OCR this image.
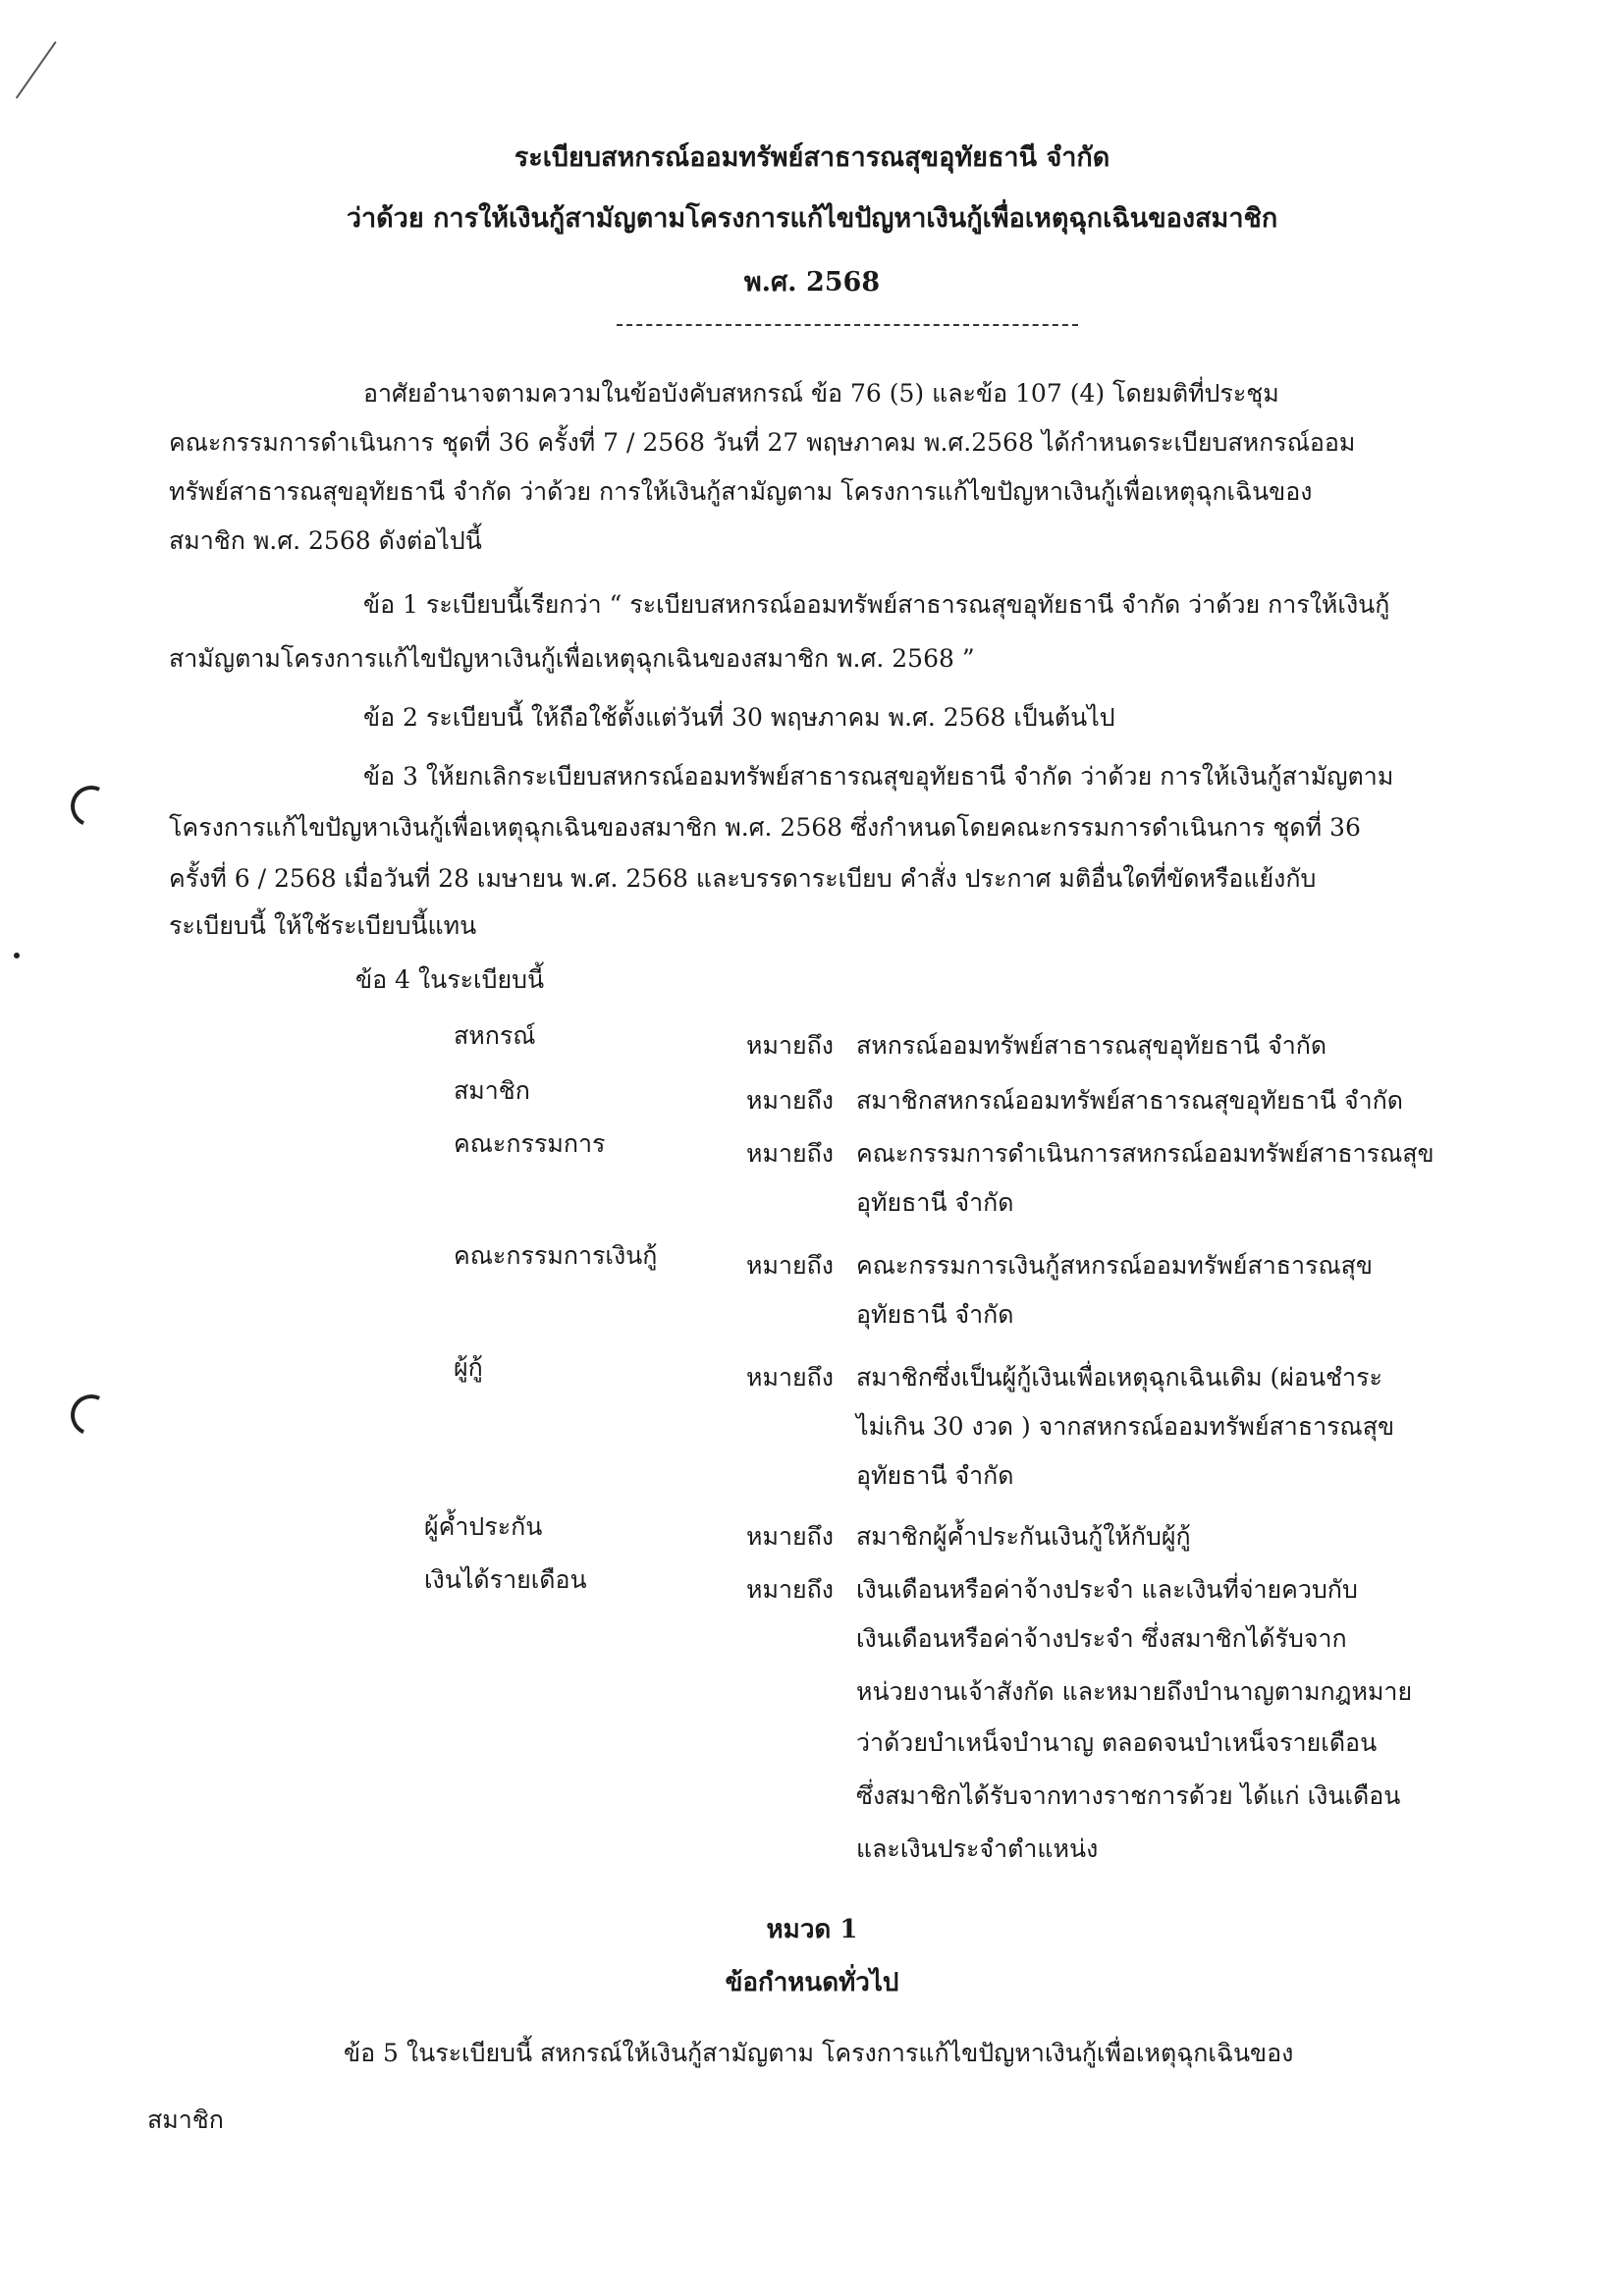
ระเบียบสหกรณ์ออมทรัพย์สาธารณสุขอุทัยธานี จำกัด
ว่าด้วย การให้เงินกู้สามัญตามโครงการแก้ไขปัญหาเงินกู้เพื่อเหตุฉุกเฉินของสมาชิก
พ.ศ. 2568
อาศัยอำนาจตามความในข้อบังคับสหกรณ์ ข้อ 76 (5) และข้อ 107 (4) โดยมติที่ประชุม
คณะกรรมการดำเนินการ ชุดที่ 36 ครั้งที่ 7 / 2568 วันที่ 27 พฤษภาคม พ.ศ.2568 ได้กำหนดระเบียบสหกรณ์ออม
ทรัพย์สาธารณสุขอุทัยธานี จำกัด ว่าด้วย การให้เงินกู้สามัญตาม โครงการแก้ไขปัญหาเงินกู้เพื่อเหตุฉุกเฉินของ
สมาชิก พ.ศ. 2568 ดังต่อไปนี้
ข้อ 1 ระเบียบนี้เรียกว่า “ ระเบียบสหกรณ์ออมทรัพย์สาธารณสุขอุทัยธานี จำกัด ว่าด้วย การให้เงินกู้
สามัญตามโครงการแก้ไขปัญหาเงินกู้เพื่อเหตุฉุกเฉินของสมาชิก พ.ศ. 2568 ”
ข้อ 2 ระเบียบนี้ ให้ถือใช้ตั้งแต่วันที่ 30 พฤษภาคม พ.ศ. 2568 เป็นต้นไป
ข้อ 3 ให้ยกเลิกระเบียบสหกรณ์ออมทรัพย์สาธารณสุขอุทัยธานี จำกัด ว่าด้วย การให้เงินกู้สามัญตาม
โครงการแก้ไขปัญหาเงินกู้เพื่อเหตุฉุกเฉินของสมาชิก พ.ศ. 2568 ซึ่งกำหนดโดยคณะกรรมการดำเนินการ ชุดที่ 36
ครั้งที่ 6 / 2568 เมื่อวันที่ 28 เมษายน พ.ศ. 2568 และบรรดาระเบียบ คำสั่ง ประกาศ มติอื่นใดที่ขัดหรือแย้งกับ
ระเบียบนี้ ให้ใช้ระเบียบนี้แทน
ข้อ 4 ในระเบียบนี้
สหกรณ์	หมายถึง สหกรณ์ออมทรัพย์สาธารณสุขอุทัยธานี จำกัด
สมาชิก	หมายถึง สมาชิกสหกรณ์ออมทรัพย์สาธารณสุขอุทัยธานี จำกัด
คณะกรรมการ	หมายถึง คณะกรรมการดำเนินการสหกรณ์ออมทรัพย์สาธารณสุข
อุทัยธานี จำกัด
คณะกรรมการเงินกู้	หมายถึง คณะกรรมการเงินกู้สหกรณ์ออมทรัพย์สาธารณสุข
อุทัยธานี จำกัด
ผู้กู้	หมายถึง สมาชิกซึ่งเป็นผู้กู้เงินเพื่อเหตุฉุกเฉินเดิม (ผ่อนชำระ
ไม่เกิน 30 งวด ) จากสหกรณ์ออมทรัพย์สาธารณสุข
อุทัยธานี จำกัด
ผู้ค้ำประกัน	หมายถึง สมาชิกผู้ค้ำประกันเงินกู้ให้กับผู้กู้
เงินได้รายเดือน	หมายถึง เงินเดือนหรือค่าจ้างประจำ และเงินที่จ่ายควบกับ
เงินเดือนหรือค่าจ้างประจำ ซึ่งสมาชิกได้รับจาก
หน่วยงานเจ้าสังกัด และหมายถึงบำนาญตามกฎหมาย
ว่าด้วยบำเหน็จบำนาญ ตลอดจนบำเหน็จรายเดือน
ซึ่งสมาชิกได้รับจากทางราชการด้วย ได้แก่ เงินเดือน
และเงินประจำตำแหน่ง
หมวด 1
ข้อกำหนดทั่วไป
ข้อ 5 ในระเบียบนี้ สหกรณ์ให้เงินกู้สามัญตาม โครงการแก้ไขปัญหาเงินกู้เพื่อเหตุฉุกเฉินของ
สมาชิก
